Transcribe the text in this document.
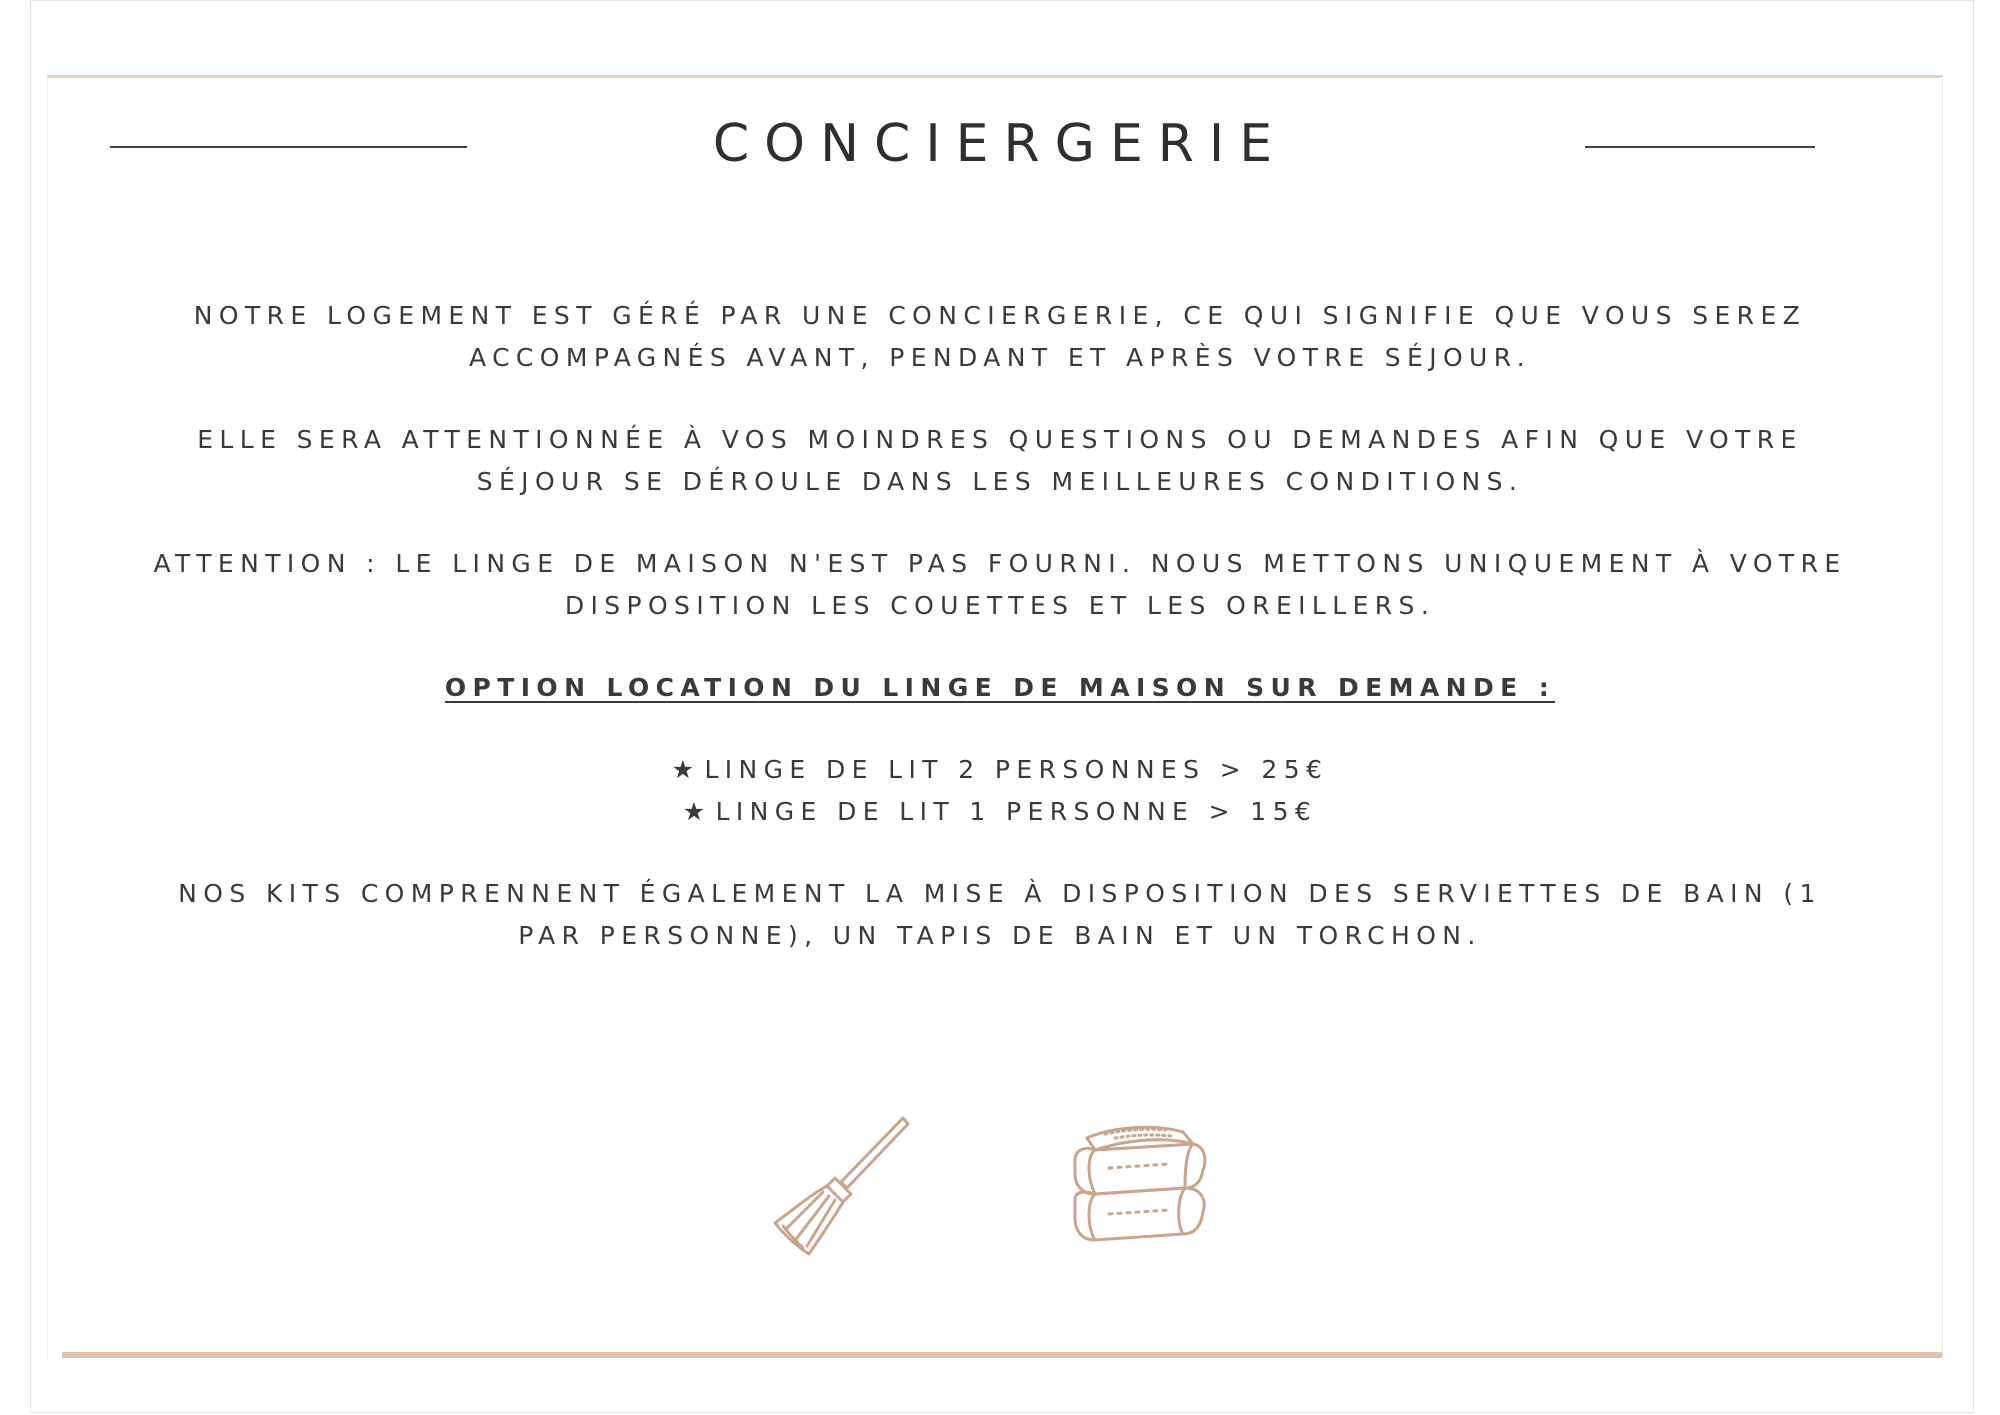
CONCIERGERIE

NOTRE LOGEMENT EST GÉRÉ PAR UNE CONCIERGERIE, CE QUI SIGNIFIE QUE VOUS SEREZ ACCOMPAGNÉS AVANT, PENDANT ET APRÈS VOTRE SÉJOUR.

ELLE SERA ATTENTIONNÉE À VOS MOINDRES QUESTIONS OU DEMANDES AFIN QUE VOTRE SÉJOUR SE DÉROULE DANS LES MEILLEURES CONDITIONS.

ATTENTION : LE LINGE DE MAISON N'EST PAS FOURNI. NOUS METTONS UNIQUEMENT À VOTRE DISPOSITION LES COUETTES ET LES OREILLERS.

OPTION LOCATION DU LINGE DE MAISON SUR DEMANDE :

★ LINGE DE LIT 2 PERSONNES > 25€
★ LINGE DE LIT 1 PERSONNE > 15€

NOS KITS COMPRENNENT ÉGALEMENT LA MISE À DISPOSITION DES SERVIETTES DE BAIN (1 PAR PERSONNE), UN TAPIS DE BAIN ET UN TORCHON.
